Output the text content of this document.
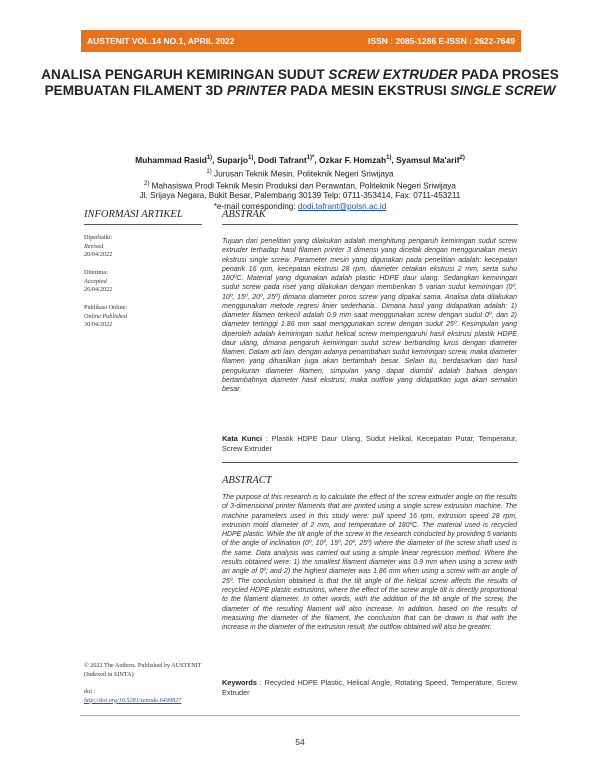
AUSTENIT VOL.14 NO.1, APRIL 2022	ISSN : 2085-1286 E-ISSN : 2622-7649
ANALISA PENGARUH KEMIRINGAN SUDUT SCREW EXTRUDER PADA PROSES PEMBUATAN FILAMENT 3D PRINTER PADA MESIN EKSTRUSI SINGLE SCREW
Muhammad Rasid$^{1)}$, Suparjo$^{1)}$, Dodi Tafrant$^{1)*}$, Ozkar F. Homzah$^{1)}$, Syamsul Ma'arif$^{2)}$
$^{1)}$ Jurusan Teknik Mesin, Politeknik Negeri Sriwijaya
$^{2)}$ Mahasiswa Prodi Teknik Mesin Produksi dan Perawatan, Politeknik Negeri Sriwijaya
Jl. Srijaya Negara, Bukit Besar, Palembang 30139 Telp: 0711-353414, Fax: 0711-453211
*e-mail corresponding: dodi.tafrant@polsri.ac.id
INFORMASI ARTIKEL	ABSTRAK
Diperbaiki:
Revised
20/04/2022
Diterima:
Accepted
26/04/2022
Publikasi Online:
Online Published
30/04/2022
Tujuan dari penelitian yang dilakukan adalah menghitung pengaruh kemiringan sudut screw extruder terhadap hasil filamen printer 3 dimensi yang dicetak dengan menggunakan mesin ekstrusi single screw. Parameter mesin yang digunakan pada penelitian adalah: kecepatan penarik 16 rpm, kecepatan ekstrusi 28 rpm, diameter cetakan ekstrusi 2 mm, serta suhu 180ºC. Material yang digunakan adalah plastic HDPE daur ulang. Sedangkan kemiringan sudut screw pada riset yang dilakukan dengan memberikan 5 varian sudut kemiringan (0º, 10º, 15º, 20º, 25º) dimana diameter poros screw yang dipakai sama. Analisa data dilakukan menggunakan metode regresi linier sederhana.. Dimana hasil yang didapatkan adalah: 1) diameter filamen terkecil adalah 0.9 mm saat menggunakan screw dengan sudut 0º, dan 2) diameter tertinggi 1.86 mm saat menggunakan screw dengan sudut 25º. Kesimpulan yang diperoleh adalah kemiringan sudut helical screw mempengaruhi hasil ekstrusi plastik HDPE daur ulang, dimana pengaruh kemiringan sudut screw berbanding lurus dengan diameter filamen. Dalam arti lain, dengan adanya penambahan sudut kemiringan screw, maka diameter filamen yang dihasilkan juga akan bertambah besar. Selain itu, berdasarkan dari hasil pengukuran diameter filamen, simpulan yang dapat diambil adalah bahwa dengan bertambahnya diameter hasil ekstrusi, maka outflow yang didapatkan juga akan semakin besar.
Kata Kunci : Plastik HDPE Daur Ulang, Sudut Helikal, Kecepatan Putar, Temperatur, Screw Extruder
ABSTRACT
The purpose of this research is to calculate the effect of the screw extruder angle on the results of 3-dimensional printer filaments that are printed using a single screw extrusion machine. The machine parameters used in this study were: pull speed 16 rpm, extrusion speed 28 rpm, extrusion mold diameter of 2 mm, and temperature of 180ºC. The material used is recycled HDPE plastic. While the tilt angle of the screw in the research conducted by providing 5 variants of the angle of inclination (0º, 10º, 15º, 20º, 25º) where the diameter of the screw shaft used is the same. Data analysis was carried out using a simple linear regression method. Where the results obtained were: 1) the smallest filament diameter was 0.9 mm when using a screw with an angle of 0º; and 2) the highest diameter was 1.86 mm when using a screw with an angle of 25º. The conclusion obtained is that the tilt angle of the helical screw affects the results of recycled HDPE plastic extrusions, where the effect of the screw angle tilt is directly proportional to the filament diameter. In other words, with the addition of the tilt angle of the screw, the diameter of the resulting filament will also increase. In addition, based on the results of measuring the diameter of the filament, the conclusion that can be drawn is that with the increase in the diameter of the extrusion result, the outflow obtained will also be greater.
Keywords : Recycled HDPE Plastic, Helical Angle, Rotating Speed, Temperature, Screw Extruder
© 2022 The Authors. Published by AUSTENIT (Indexed in SINTA)
doi :
http://doi.org/10.5281/zenodo.6499827
54
